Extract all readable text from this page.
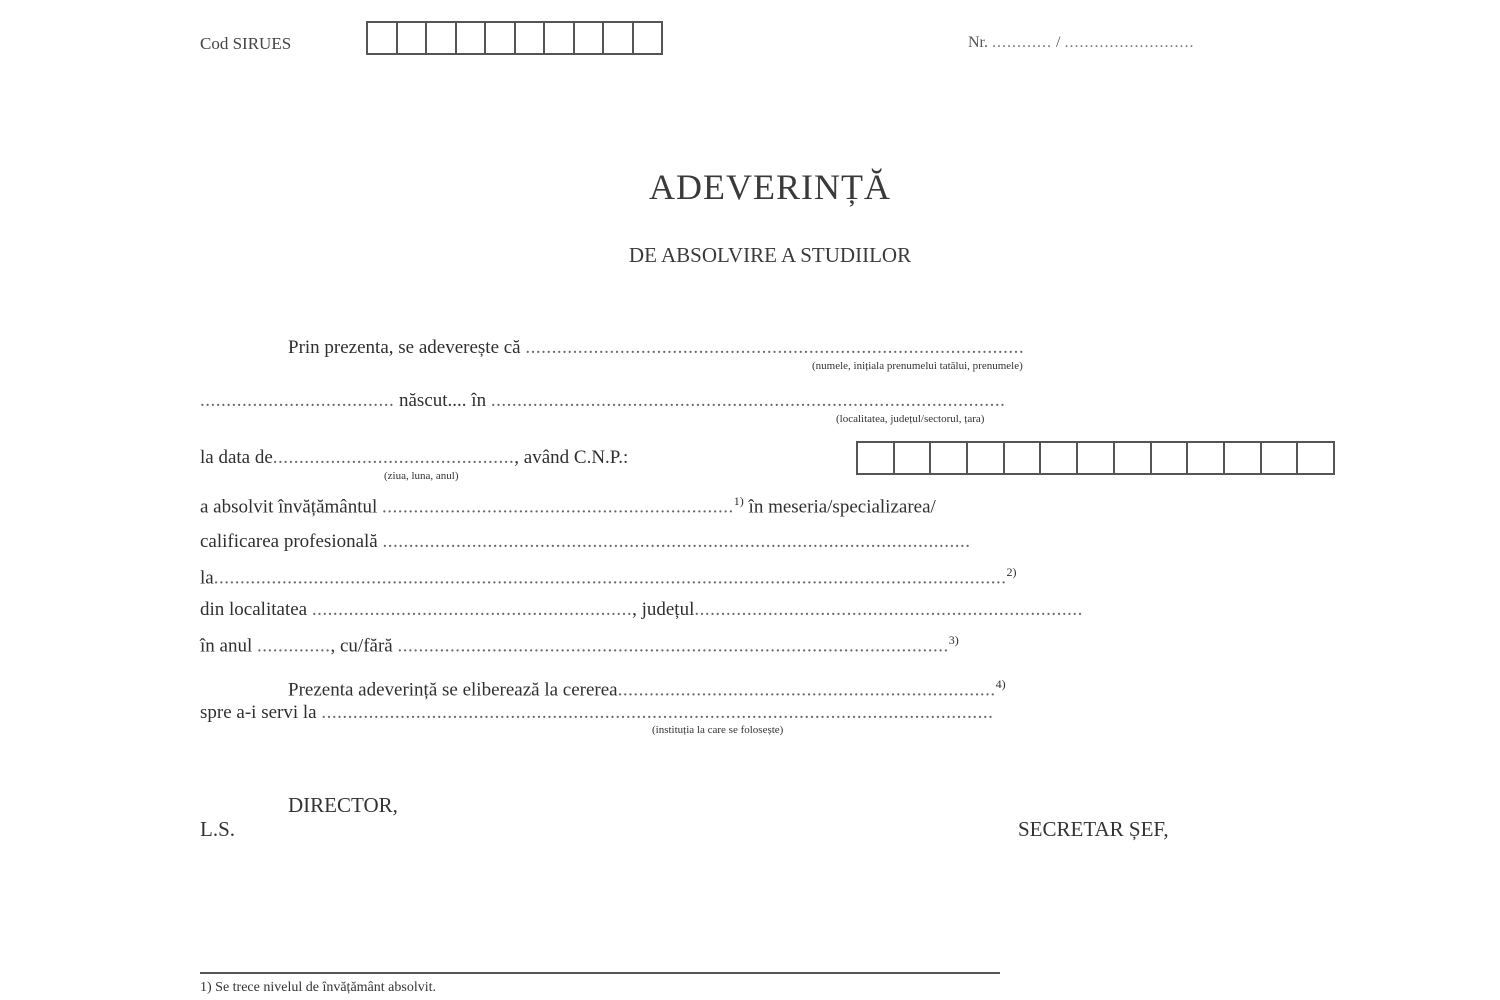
Cod SIRUES	Nr. ............ / ..........................
ADEVERINȚĂ
DE ABSOLVIRE A STUDIILOR
Prin prezenta, se adeverește că ...............................................................................................
(numele, inițiala prenumelui tatălui, prenumele)
..................................... născut.... în ..................................................................................................
(localitatea, județul/sectorul, țara)
la data de.............................................., având C.N.P.:
(ziua, luna, anul)
a absolvit învățământul ...................................................................$^{1)}$ în meseria/specializarea/
calificarea profesională ................................................................................................................
la.......................................................................................................................................................$^{2)}$
din localitatea ............................................................., județul..........................................................................
în anul .............., cu/fără .........................................................................................................$^{3)}$
Prezenta adeverință se eliberează la cererea........................................................................$^{4)}$
spre a-i servi la ................................................................................................................................
(instituția la care se folosește)
DIRECTOR,
L.S.	SECRETAR ȘEF,
1) Se trece nivelul de învățământ absolvit.
